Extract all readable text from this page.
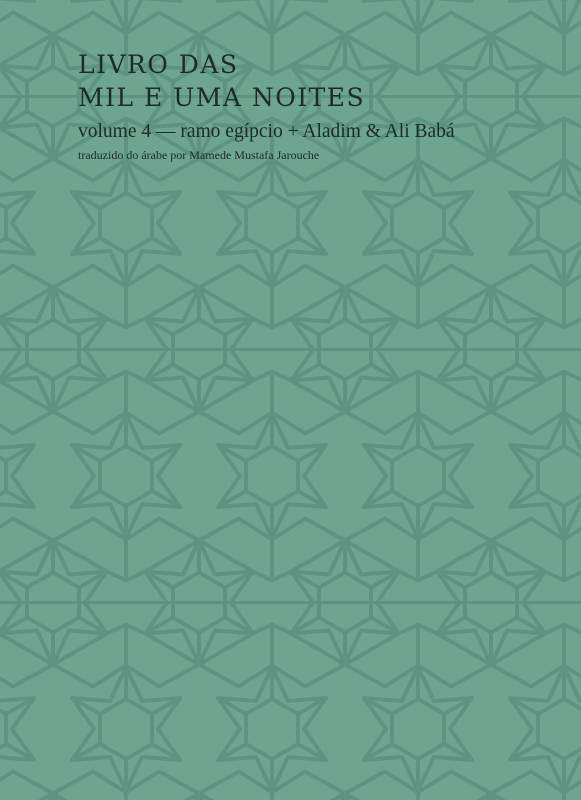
LIVRO DAS
MIL E UMA NOITES
volume 4 — ramo egípcio + Aladim & Ali Babá
traduzido do árabe por Mamede Mustafa Jarouche
